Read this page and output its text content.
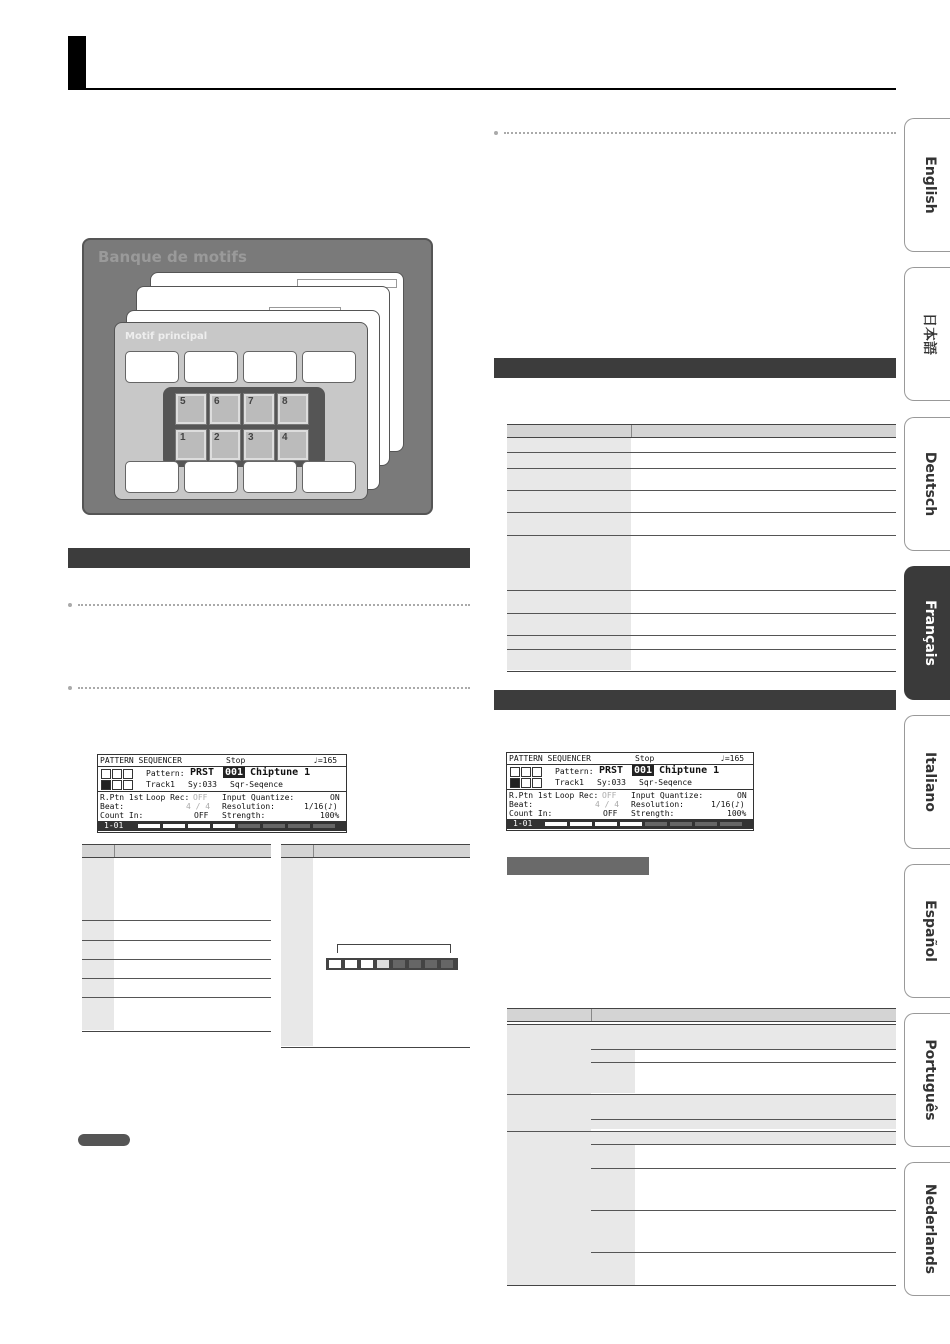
Banque de motifs
Motif principal
5	6	7	8
1	2	3	4
PATTERN SEQUENCER	Stop	♩=165
Pattern: PRST 001 Chiptune 1
Track1 Sy:033 Sqr-Seqence
R.Ptn 1st Loop Rec: OFF Input Quantize:	ON
Beat:	4 / 4 Resolution:	1/16(♪)
Count In:	OFF Strength:	100%
1-01
PATTERN SEQUENCER	Stop	♩=165
Pattern: PRST 001 Chiptune 1
Track1 Sy:033 Sqr-Seqence
R.Ptn 1st Loop Rec: OFF Input Quantize:	ON
Beat:	4 / 4 Resolution:	1/16(♪)
Count In:	OFF Strength:	100%
1-01
English
日本語
Deutsch
Français
Italiano
Español
Português
Nederlands
